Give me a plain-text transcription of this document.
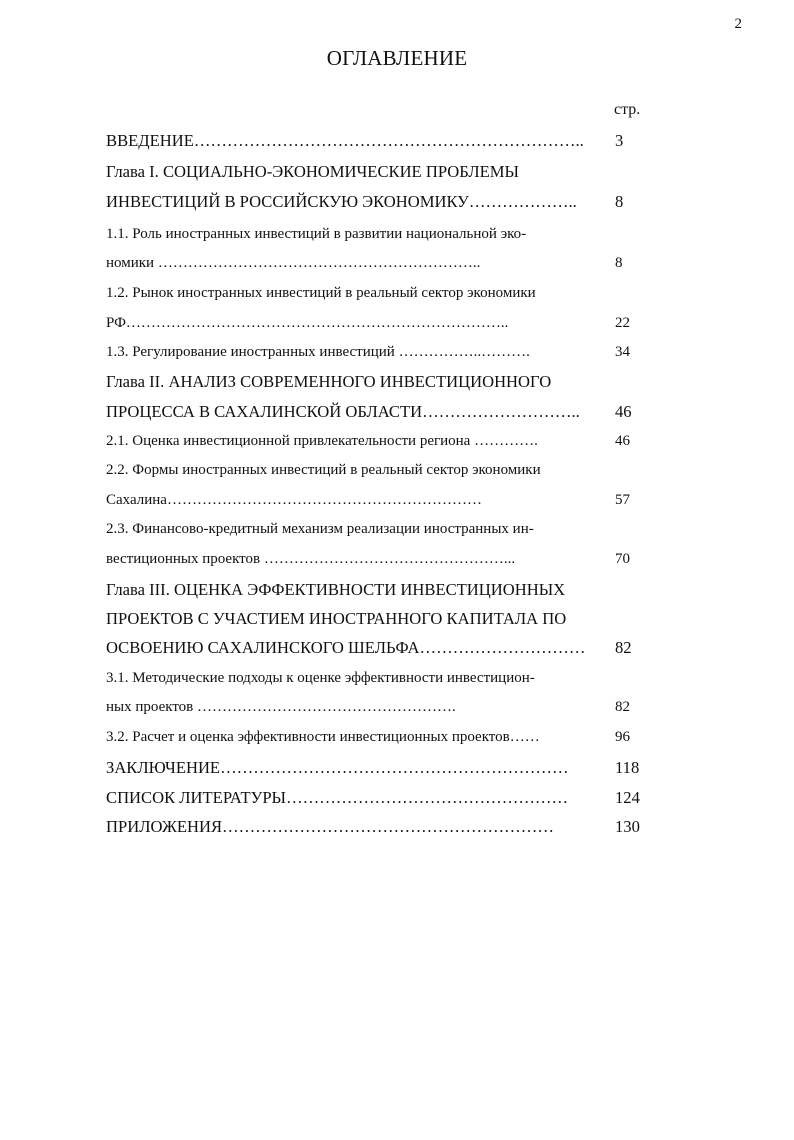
2
ОГЛАВЛЕНИЕ
стр.
ВВЕДЕНИЕ…………………………………………………………….. 3
Глава I. СОЦИАЛЬНО-ЭКОНОМИЧЕСКИЕ ПРОБЛЕМЫ
ИНВЕСТИЦИЙ В РОССИЙСКУЮ ЭКОНОМИКУ……………….. 8
1.1. Роль иностранных инвестиций в развитии национальной эко-
номики ………………………………………………………..	8
1.2. Рынок иностранных инвестиций в реальный сектор экономики
РФ…………………………………………………………………..	22
1.3. Регулирование иностранных инвестиций ……………..……….	34
Глава II. АНАЛИЗ СОВРЕМЕННОГО ИНВЕСТИЦИОННОГО
ПРОЦЕССА В САХАЛИНСКОЙ ОБЛАСТИ……………………….. 46
2.1. Оценка инвестиционной привлекательности региона ………….	46
2.2. Формы иностранных инвестиций в реальный сектор экономики
Сахалина………………………………………………………	57
2.3. Финансово-кредитный механизм реализации иностранных ин-
вестиционных проектов …………………………………………...	70
Глава III. ОЦЕНКА ЭФФЕКТИВНОСТИ ИНВЕСТИЦИОННЫХ
ПРОЕКТОВ С УЧАСТИЕМ ИНОСТРАННОГО КАПИТАЛА ПО
ОСВОЕНИЮ САХАЛИНСКОГО ШЕЛЬФА………………………… 82
3.1. Методические подходы к оценке эффективности инвестицион-
ных проектов …………………………………………….	82
3.2. Расчет и оценка эффективности инвестиционных проектов……	96
ЗАКЛЮЧЕНИЕ………………………………………………………	118
СПИСОК ЛИТЕРАТУРЫ……………………………………………	124
ПРИЛОЖЕНИЯ……………………………………………………	130
